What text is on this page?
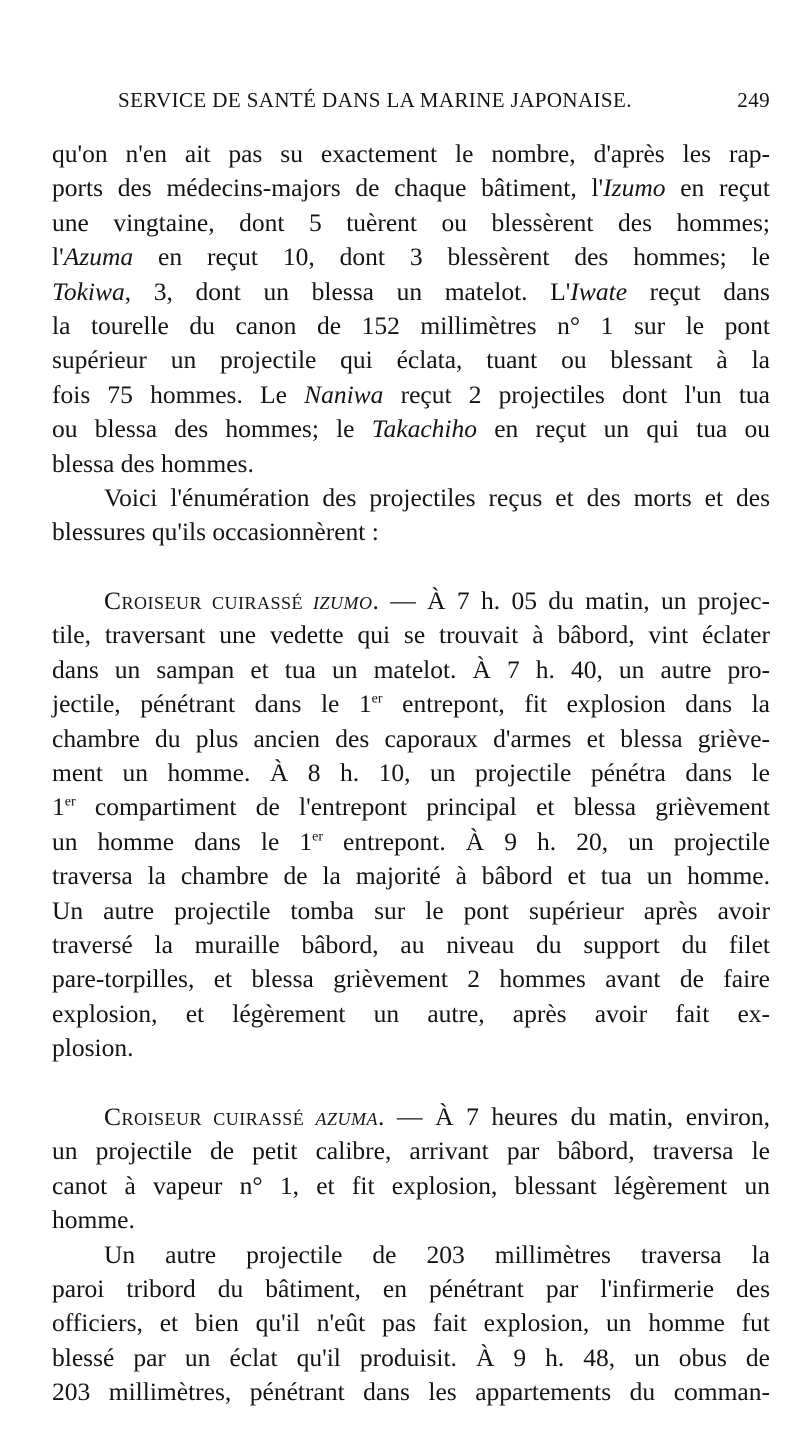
SERVICE DE SANTÉ DANS LA MARINE JAPONAISE.	249
qu'on n'en ait pas su exactement le nombre, d'après les rap-
ports des médecins-majors de chaque bâtiment, l'Izumo en reçut
une vingtaine, dont 5 tuèrent ou blessèrent des hommes;
l'Azuma en reçut 10, dont 3 blessèrent des hommes; le
Tokiwa, 3, dont un blessa un matelot. L'Iwate reçut dans
la tourelle du canon de 152 millimètres n° 1 sur le pont
supérieur un projectile qui éclata, tuant ou blessant à la
fois 75 hommes. Le Naniwa reçut 2 projectiles dont l'un tua
ou blessa des hommes; le Takachiho en reçut un qui tua ou
blessa des hommes.
Voici l'énumération des projectiles reçus et des morts et des
blessures qu'ils occasionnèrent :
CROISEUR CUIRASSÉ IZUMO. — À 7 h. 05 du matin, un projec-
tile, traversant une vedette qui se trouvait à bâbord, vint éclater
dans un sampan et tua un matelot. À 7 h. 40, un autre pro-
jectile, pénétrant dans le 1er entrepont, fit explosion dans la
chambre du plus ancien des caporaux d'armes et blessa griève-
ment un homme. À 8 h. 10, un projectile pénétra dans le
1er compartiment de l'entrepont principal et blessa grièvement
un homme dans le 1er entrepont. À 9 h. 20, un projectile
traversa la chambre de la majorité à bâbord et tua un homme.
Un autre projectile tomba sur le pont supérieur après avoir
traversé la muraille bâbord, au niveau du support du filet
pare-torpilles, et blessa grièvement 2 hommes avant de faire
explosion, et légèrement un autre, après avoir fait ex-
plosion.
CROISEUR CUIRASSÉ AZUMA. — À 7 heures du matin, environ,
un projectile de petit calibre, arrivant par bâbord, traversa le
canot à vapeur n° 1, et fit explosion, blessant légèrement un
homme.
Un autre projectile de 203 millimètres traversa la
paroi tribord du bâtiment, en pénétrant par l'infirmerie des
officiers, et bien qu'il n'eût pas fait explosion, un homme fut
blessé par un éclat qu'il produisit. À 9 h. 48, un obus de
203 millimètres, pénétrant dans les appartements du comman-
